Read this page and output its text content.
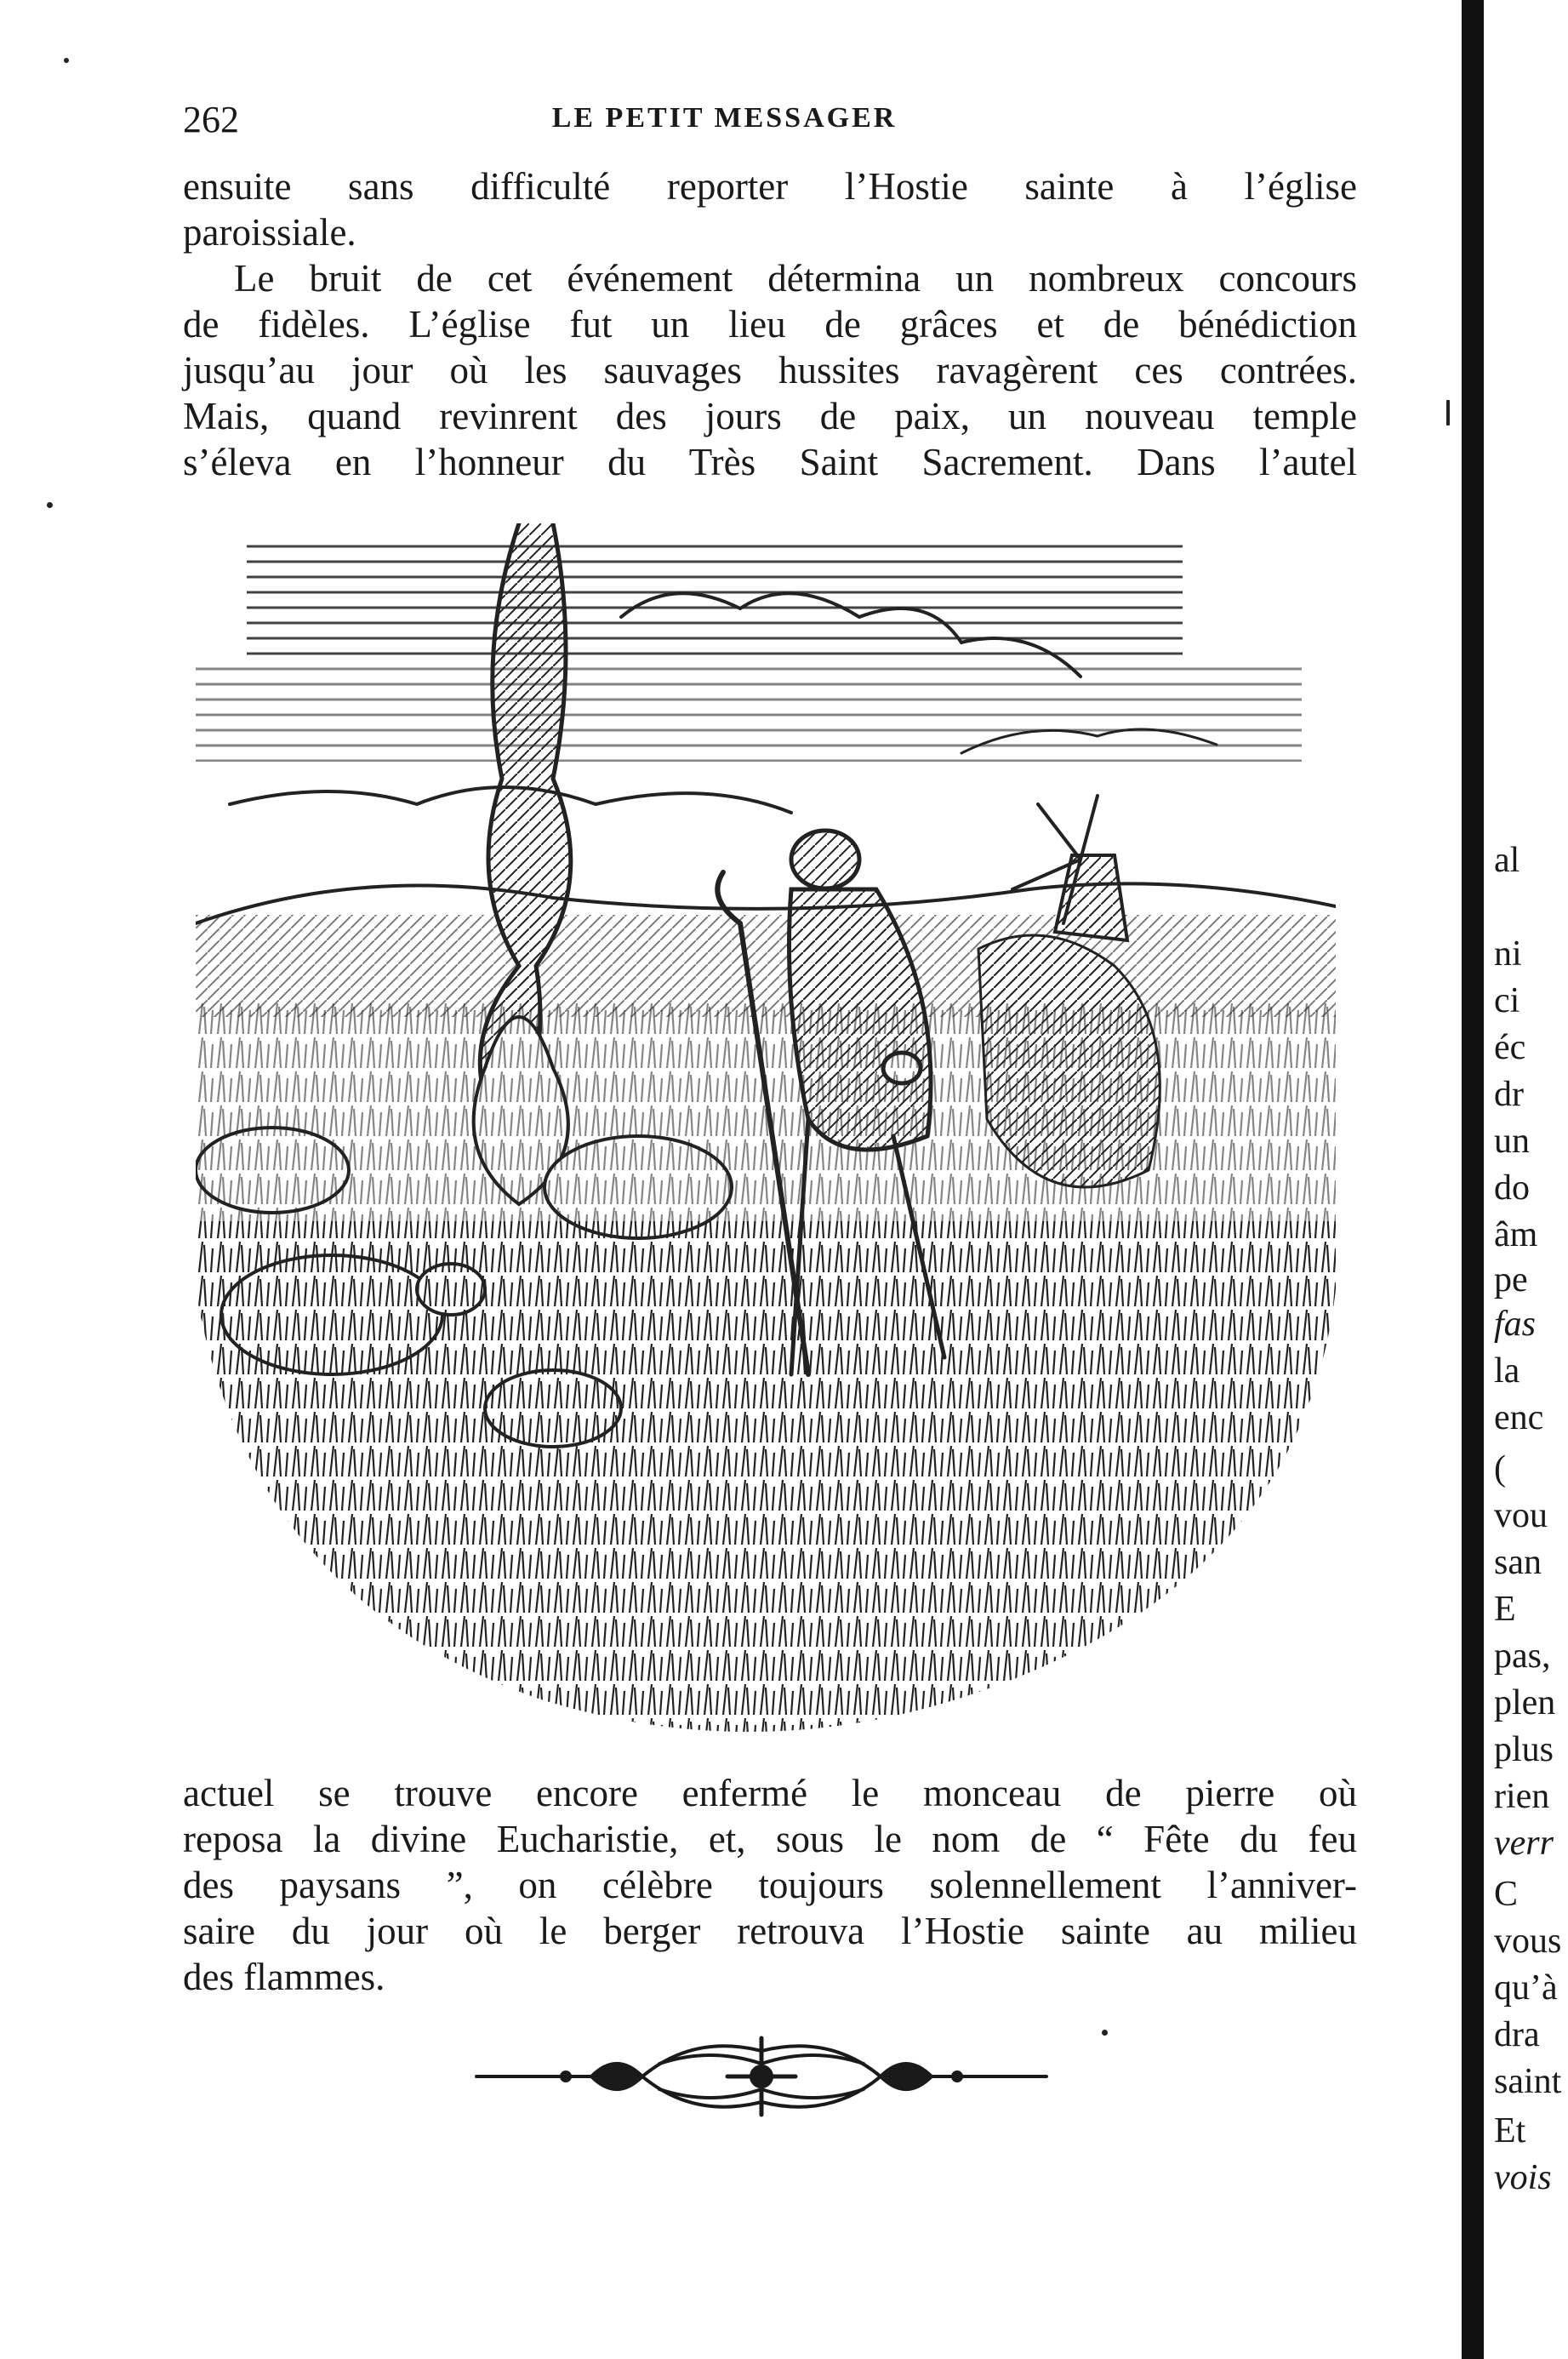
262	LE PETIT MESSAGER

ensuite sans difficulté reporter l’Hostie sainte à l’église

paroissiale.

Le bruit de cet événement détermina un nombreux concours

de fidèles. L’église fut un lieu de grâces et de bénédiction

jusqu’au jour où les sauvages hussites ravagèrent ces contrées.

Mais, quand revinrent des jours de paix, un nouveau temple

s’éleva en l’honneur du Très Saint Sacrement. Dans l’autel

actuel se trouve encore enfermé le monceau de pierre où

reposa la divine Eucharistie, et, sous le nom de “ Fête du feu

des paysans ”, on célèbre toujours solennellement l’anniver-

saire du jour où le berger retrouva l’Hostie sainte au milieu

des flammes.

al
ni
ci
éc
dr
un
do
âm
pe
fas
la
enc
(
vou
san
E
pas,
plen
plus
rien
verr
C
vous
qu’à
dra
saint
Et
vois
